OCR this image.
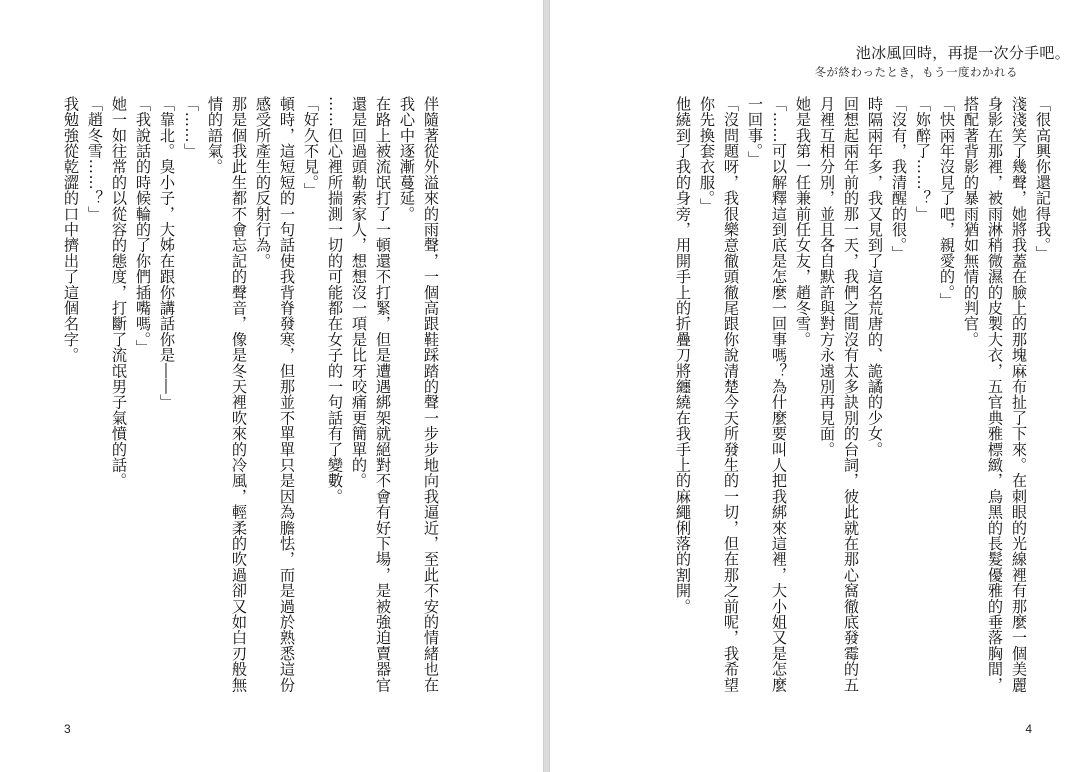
伴隨著從外溢來的雨聲，一個高跟鞋踩踏的聲一步步地向我逼近，至此不安的情緒也在我心中逐漸蔓延。

在路上被流氓打了一頓還不打緊，但是遭遇綁架就絕對不會有好下場，是被強迫賣器官還是回過頭勒索家人，想想沒一項是比牙咬痛更簡單的。

……但心裡所揣測一切的可能都在女子的一句話有了變數。

「好久不見。」

頓時，這短短的一句話使我背脊發寒，但那並不單單只是因為膽怯，而是過於熟悉這份感受所產生的反射行為。

那是個我此生都不會忘記的聲音，像是冬天裡吹來的冷風，輕柔的吹過卻又如白刃般無情的語氣。

「……」

「靠北。臭小子，大姊在跟你講話你是――」

「我說話的時候輪的了你們插嘴嗎。」

她一如往常的以從容的態度，打斷了流氓男子氣憤的話。

「趙冬雪……？」

我勉強從乾澀的口中擠出了這個名字。

3
池冰風回時，再提一次分手吧。
冬が終わったとき，もう一度わかれる

「很高興你還記得我。」

淺淺笑了幾聲，她將我蓋在臉上的那塊麻布扯了下來。在刺眼的光線裡有那麼一個美麗身影在那裡，被雨淋稍微濕的皮製大衣，五官典雅標緻，烏黑的長髮優雅的垂落胸間，搭配著背影的暴雨猶如無情的判官。

「快兩年沒見了吧，親愛的。」

「妳醉了……？」

「沒有，我清醒的很。」

時隔兩年多，我又見到了這名荒唐的、詭譎的少女。

回想起兩年前的那一天，我們之間沒有太多訣別的台詞，彼此就在那心窩徹底發霉的五月裡互相分別，並且各自默許與對方永遠別再見面。

她是我第一任兼前任女友，趙冬雪。

「……可以解釋這到底是怎麼一回事嗎？為什麼要叫人把我綁來這裡，大小姐又是怎麼一回事。」

「沒問題呀，我很樂意徹頭徹尾跟你說清楚今天所發生的一切，但在那之前呢，我希望你先換套衣服。」

他繞到了我的身旁，用開手上的折疊刀將纏繞在我手上的麻繩俐落的割開。

4
